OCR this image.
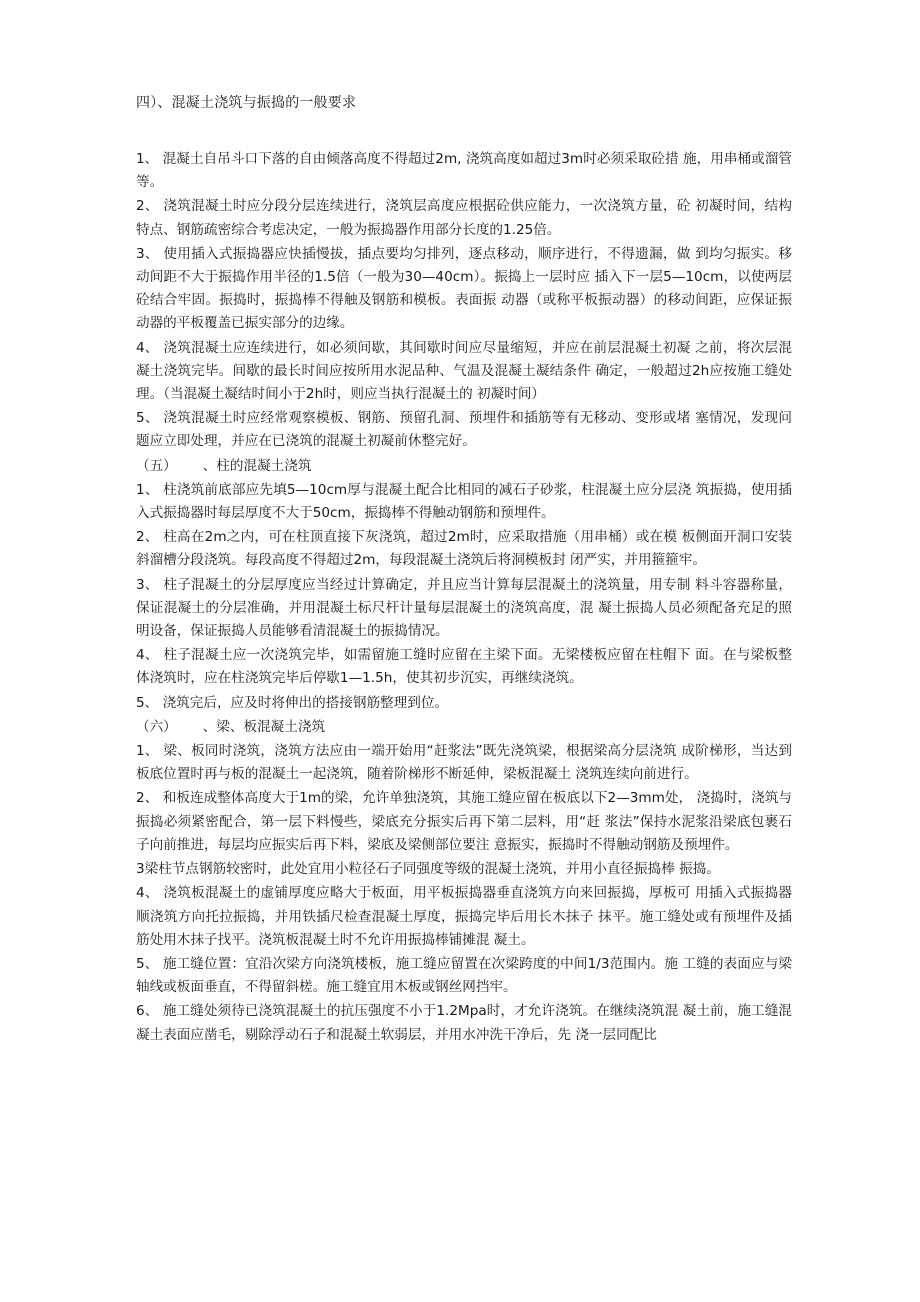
四）、混凝土浇筑与振捣的一般要求
1、 混凝土自吊斗口下落的自由倾落高度不得超过2m, 浇筑高度如超过3m时必须采取砼措 施，用串桶或溜管等。
2、 浇筑混凝土时应分段分层连续进行，浇筑层高度应根据砼供应能力，一次浇筑方量，砼 初凝时间，结构特点、钢筋疏密综合考虑决定，一般为振捣器作用部分长度的1.25倍。
3、 使用插入式振捣器应快插慢拔，插点要均匀排列，逐点移动，顺序进行，不得遗漏，做 到均匀振实。移动间距不大于振捣作用半径的1.5倍（一般为30—40cm）。振捣上一层时应 插入下一层5—10cm，以使两层砼结合牢固。振捣时，振捣棒不得触及钢筋和模板。表面振 动器（或称平板振动器）的移动间距，应保证振动器的平板覆盖已振实部分的边缘。
4、 浇筑混凝土应连续进行，如必须间歇，其间歇时间应尽量缩短，并应在前层混凝土初凝 之前，将次层混凝土浇筑完毕。间歇的最长时间应按所用水泥品种、气温及混凝土凝结条件 确定，一般超过2h应按施工缝处理。（当混凝土凝结时间小于2h时，则应当执行混凝土的 初凝时间）
5、 浇筑混凝土时应经常观察模板、钢筋、预留孔洞、预埋件和插筋等有无移动、变形或堵 塞情况，发现问题应立即处理，并应在已浇筑的混凝土初凝前休整完好。
（五）      、柱的混凝土浇筑
1、 柱浇筑前底部应先填5—10cm厚与混凝土配合比相同的减石子砂浆，柱混凝土应分层浇 筑振捣，使用插入式振捣器时每层厚度不大于50cm，振捣棒不得触动钢筋和预埋件。
2、 柱高在2m之内，可在柱顶直接下灰浇筑，超过2m时，应采取措施（用串桶）或在模 板侧面开洞口安装斜溜槽分段浇筑。每段高度不得超过2m，每段混凝土浇筑后将洞模板封 闭严实，并用箍箍牢。
3、 柱子混凝土的分层厚度应当经过计算确定，并且应当计算每层混凝土的浇筑量，用专制 料斗容器称量，保证混凝土的分层准确，并用混凝土标尺杆计量每层混凝土的浇筑高度，混 凝土振捣人员必须配备充足的照明设备，保证振捣人员能够看清混凝土的振捣情况。
4、 柱子混凝土应一次浇筑完毕，如需留施工缝时应留在主梁下面。无梁楼板应留在柱帽下 面。在与梁板整体浇筑时，应在柱浇筑完毕后停歇1—1.5h，使其初步沉实，再继续浇筑。
5、 浇筑完后，应及时将伸出的搭接钢筋整理到位。
（六）      、梁、板混凝土浇筑
1、 梁、板同时浇筑，浇筑方法应由一端开始用“赶浆法”既先浇筑梁，根据梁高分层浇筑 成阶梯形，当达到板底位置时再与板的混凝土一起浇筑，随着阶梯形不断延伸，梁板混凝土 浇筑连续向前进行。
2、 和板连成整体高度大于1m的梁，允许单独浇筑，其施工缝应留在板底以下2—3mm处， 浇捣时，浇筑与振捣必须紧密配合，第一层下料慢些，梁底充分振实后再下第二层料，用“赶 浆法”保持水泥浆沿梁底包裹石子向前推进，每层均应振实后再下料，梁底及梁侧部位要注 意振实，振捣时不得触动钢筋及预埋件。
3梁柱节点钢筋较密时，此处宜用小粒径石子同强度等级的混凝土浇筑，并用小直径振捣棒 振捣。
4、 浇筑板混凝土的虚铺厚度应略大于板面，用平板振捣器垂直浇筑方向来回振捣，厚板可 用插入式振捣器顺浇筑方向托拉振捣，并用铁插尺检查混凝土厚度，振捣完毕后用长木抹子 抹平。施工缝处或有预埋件及插筋处用木抹子找平。浇筑板混凝土时不允许用振捣棒铺摊混 凝土。
5、 施工缝位置：宜沿次梁方向浇筑楼板，施工缝应留置在次梁跨度的中间1/3范围内。施 工缝的表面应与梁轴线或板面垂直，不得留斜槎。施工缝宜用木板或钢丝网挡牢。
6、 施工缝处须待已浇筑混凝土的抗压强度不小于1.2Mpa时，才允许浇筑。在继续浇筑混 凝土前，施工缝混凝土表面应凿毛，剔除浮动石子和混凝土软弱层，并用水冲洗干净后，先 浇一层同配比
